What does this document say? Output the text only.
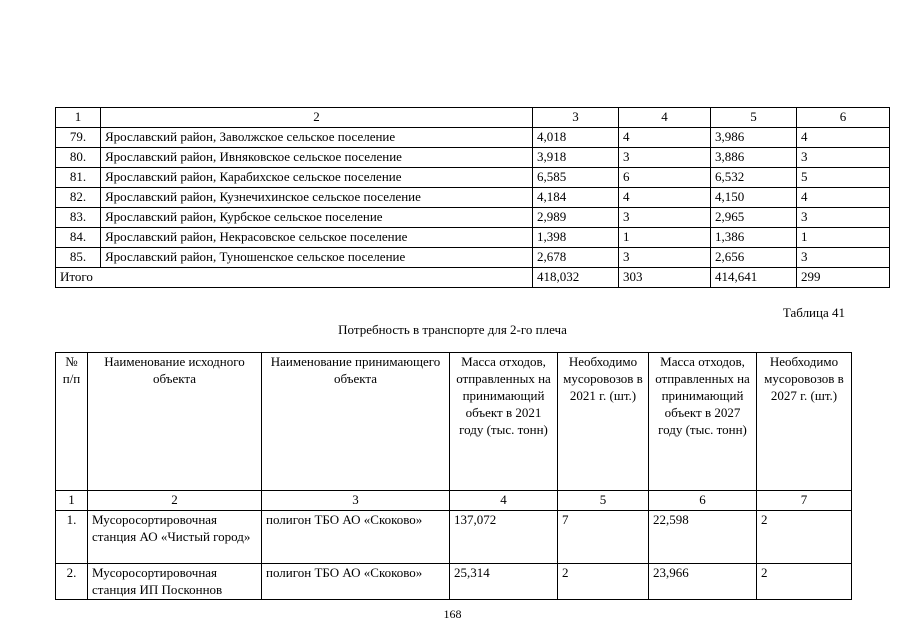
1	2	3	4	5	6
79.	Ярославский район, Заволжское сельское поселение	4,018	4	3,986	4
80.	Ярославский район, Ивняковское сельское поселение	3,918	3	3,886	3
81.	Ярославский район, Карабихское сельское поселение	6,585	6	6,532	5
82.	Ярославский район, Кузнечихинское сельское поселение	4,184	4	4,150	4
83.	Ярославский район, Курбское сельское поселение	2,989	3	2,965	3
84.	Ярославский район, Некрасовское сельское поселение	1,398	1	1,386	1
85.	Ярославский район, Туношенское сельское поселение	2,678	3	2,656	3
Итого		418,032	303	414,641	299
Таблица 41
Потребность в транспорте для 2-го плеча
№ п/п	Наименование исходного объекта	Наименование принимающего объекта	Масса отходов, отправленных на принимающий объект в 2021 году (тыс. тонн)	Необходимо мусоровозов в 2021 г. (шт.)	Масса отходов, отправленных на принимающий объект в 2027 году (тыс. тонн)	Необходимо мусоровозов в 2027 г. (шт.)
1	2	3	4	5	6	7
1.	Мусоросортировочная станция АО «Чистый город»	полигон ТБО АО «Скоково»	137,072	7	22,598	2
2.	Мусоросортировочная станция ИП Посконнов	полигон ТБО АО «Скоково»	25,314	2	23,966	2
168
